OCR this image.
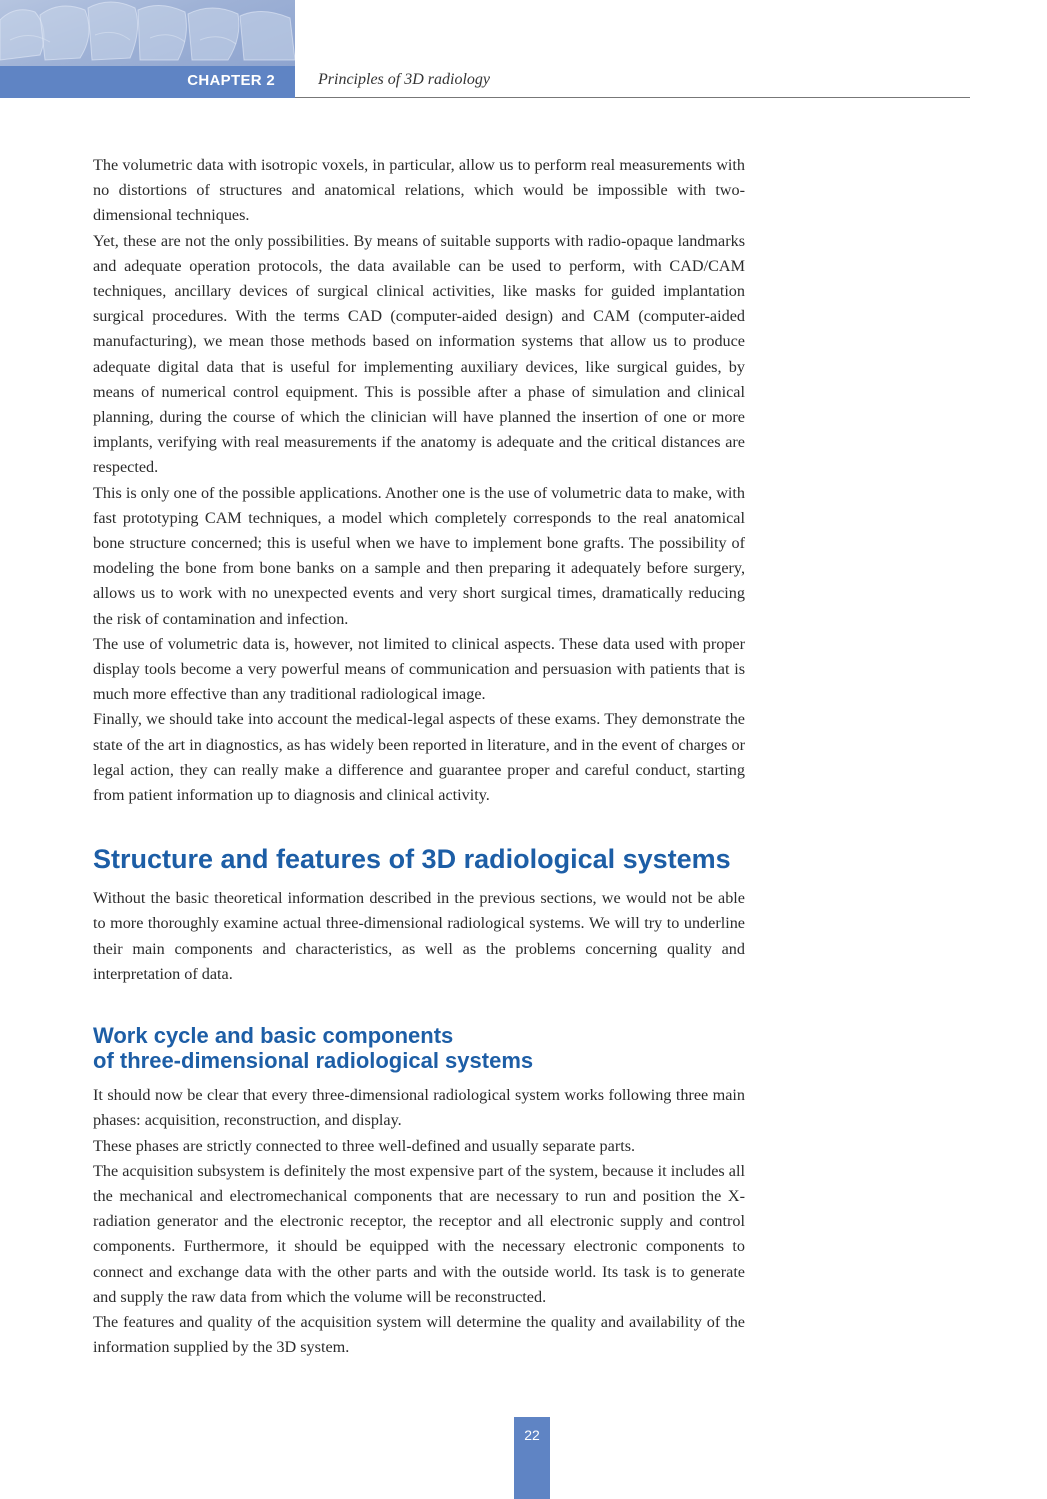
CHAPTER 2	Principles of 3D radiology

The volumetric data with isotropic voxels, in particular, allow us to perform real measurements with no distortions of structures and anatomical relations, which would be impossible with two-dimensional techniques.

Yet, these are not the only possibilities. By means of suitable supports with radio-opaque landmarks and adequate operation protocols, the data available can be used to perform, with CAD/CAM techniques, ancillary devices of surgical clinical activities, like masks for guided implantation surgical procedures. With the terms CAD (computer-aided design) and CAM (computer-aided manufacturing), we mean those methods based on information systems that allow us to produce adequate digital data that is useful for implementing auxiliary devices, like surgical guides, by means of numerical control equipment. This is possible after a phase of simulation and clinical planning, during the course of which the clinician will have planned the insertion of one or more implants, verifying with real measurements if the anatomy is adequate and the critical distances are respected.

This is only one of the possible applications. Another one is the use of volumetric data to make, with fast prototyping CAM techniques, a model which completely corresponds to the real anatomical bone structure concerned; this is useful when we have to implement bone grafts. The possibility of modeling the bone from bone banks on a sample and then preparing it adequately before surgery, allows us to work with no unexpected events and very short surgical times, dramatically reducing the risk of contamination and infection.

The use of volumetric data is, however, not limited to clinical aspects. These data used with proper display tools become a very powerful means of communication and persuasion with patients that is much more effective than any traditional radiological image.

Finally, we should take into account the medical-legal aspects of these exams. They demonstrate the state of the art in diagnostics, as has widely been reported in literature, and in the event of charges or legal action, they can really make a difference and guarantee proper and careful conduct, starting from patient information up to diagnosis and clinical activity.

Structure and features of 3D radiological systems

Without the basic theoretical information described in the previous sections, we would not be able to more thoroughly examine actual three-dimensional radiological systems. We will try to underline their main components and characteristics, as well as the problems concerning quality and interpretation of data.

Work cycle and basic components
of three-dimensional radiological systems

It should now be clear that every three-dimensional radiological system works following three main phases: acquisition, reconstruction, and display.

These phases are strictly connected to three well-defined and usually separate parts.

The acquisition subsystem is definitely the most expensive part of the system, because it includes all the mechanical and electromechanical components that are necessary to run and position the X-radiation generator and the electronic receptor, the receptor and all electronic supply and control components. Furthermore, it should be equipped with the necessary electronic components to connect and exchange data with the other parts and with the outside world. Its task is to generate and supply the raw data from which the volume will be reconstructed.

The features and quality of the acquisition system will determine the quality and availability of the information supplied by the 3D system.

22
